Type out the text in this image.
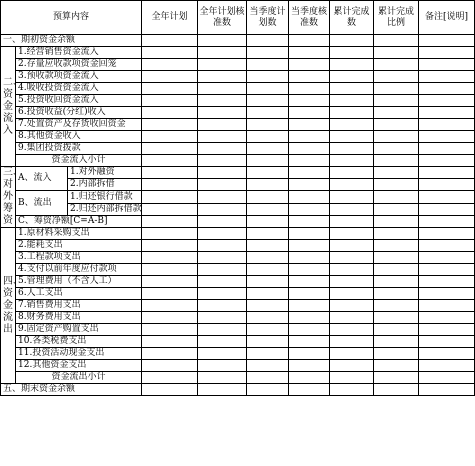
预算内容			全年计划	全年计划核准数	当季度计划数	当季度核准数	累计完成数	累计完成比例	备注[说明]
一、期初资金余额									

二、资金流入	1.经营销售资金流入								
	2.存量应收款项资金回笼								
	3.预收款项资金流入								
	4.吸收投资资金流入								
	5.投资收回资金流入								
	6.投资收益(分红)收入								
	7.处置资产及存货收回资金								
	8.其他资金收入								
	9.集团投资拨款								
	资金流入小计								

三、对外筹资	A、流入	1.对外融资							
		2.内部拆借							
	B、流出	1.归还银行借款							
		2.归还内部拆借款							
	C、筹资净额[C=A-B]								

四、资金流出	1.原材料采购支出								
	2.能耗支出								
	3.工程款项支出								
	4.支付以前年度应付款项								
	5.管理费用（不含人工）								
	6.人工支出								
	7.销售费用支出								
	8.财务费用支出								
	9.固定资产购置支出								
	10.各类税费支出								
	11.投资活动现金支出								
	12.其他资金支出								
	资金流出小计								
五、期末资金余额									
